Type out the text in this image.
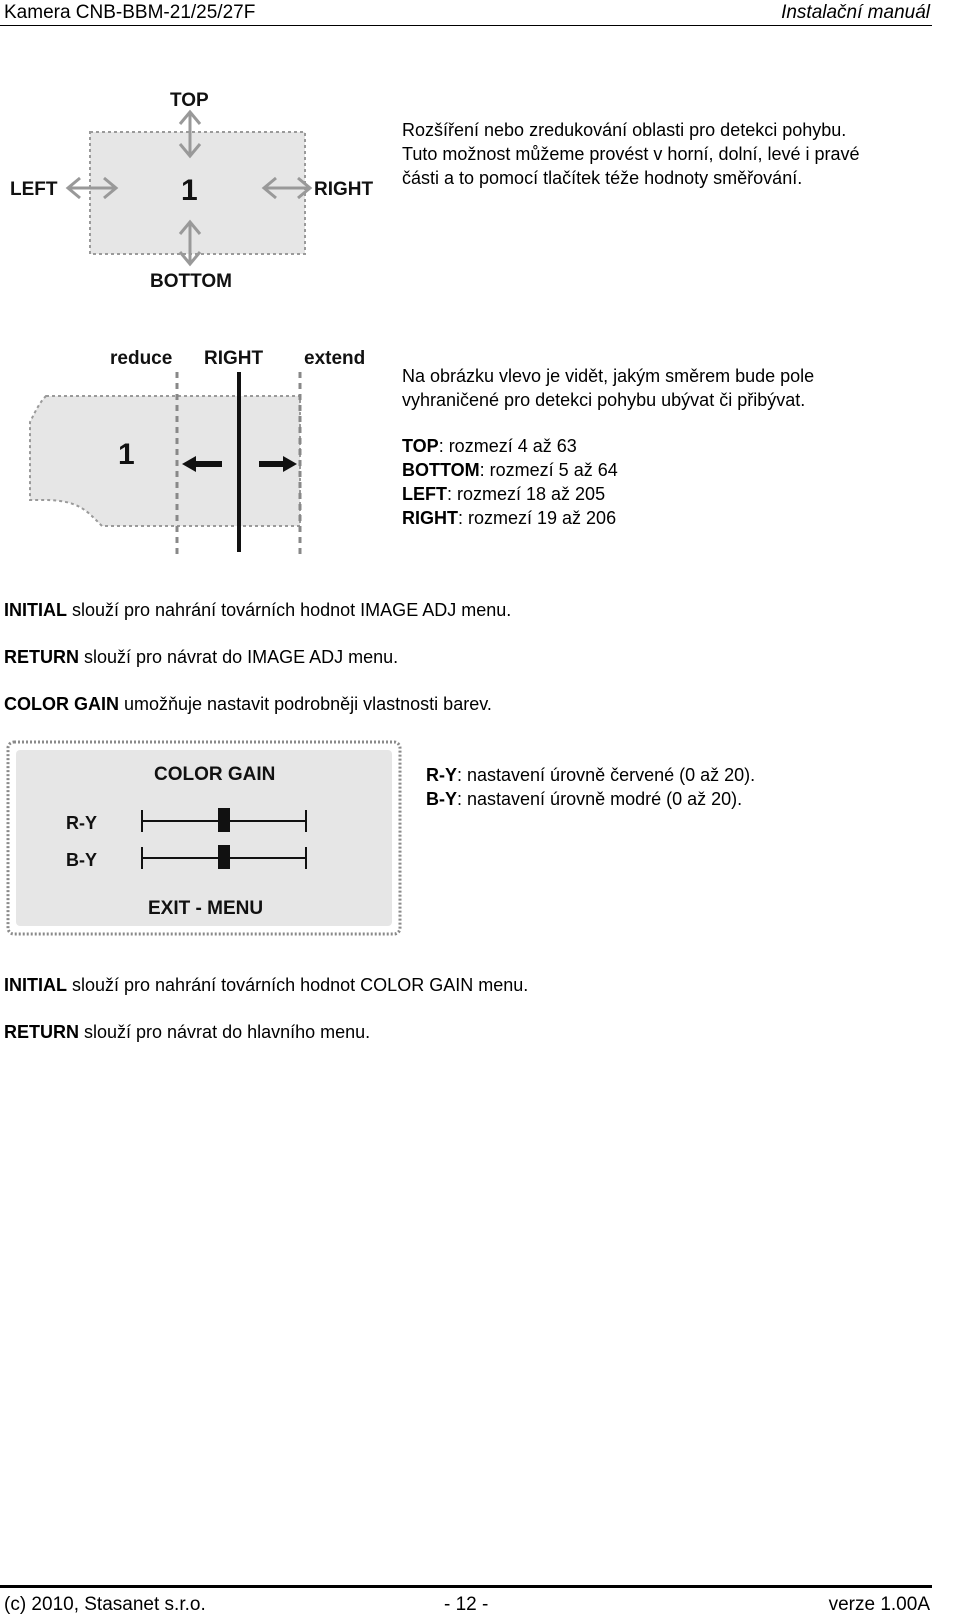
Kamera CNB-BBM-21/25/27F	Instalační manuál
TOP
LEFT	RIGHT
BOTTOM
1

Rozšíření nebo zredukování oblasti pro detekci pohybu.

Tuto možnost můžeme provést v horní, dolní, levé i pravé

části a to pomocí tlačítek téže hodnoty směřování.

reduce RIGHT extend
1

Na obrázku vlevo je vidět, jakým směrem bude pole

vyhraničené pro detekci pohybu ubývat či přibývat.

TOP: rozmezí 4 až 63

BOTTOM: rozmezí 5 až 64

LEFT: rozmezí 18 až 205

RIGHT: rozmezí 19 až 206

INITIAL slouží pro nahrání továrních hodnot IMAGE ADJ menu.

RETURN slouží pro návrat do IMAGE ADJ menu.

COLOR GAIN umožňuje nastavit podrobněji vlastnosti barev.

COLOR GAIN
R-Y
B-Y
EXIT - MENU

R-Y: nastavení úrovně červené (0 až 20).

B-Y: nastavení úrovně modré (0 až 20).

INITIAL slouží pro nahrání továrních hodnot COLOR GAIN menu.

RETURN slouží pro návrat do hlavního menu.

(c) 2010, Stasanet s.r.o.	- 12 -	verze 1.00A
